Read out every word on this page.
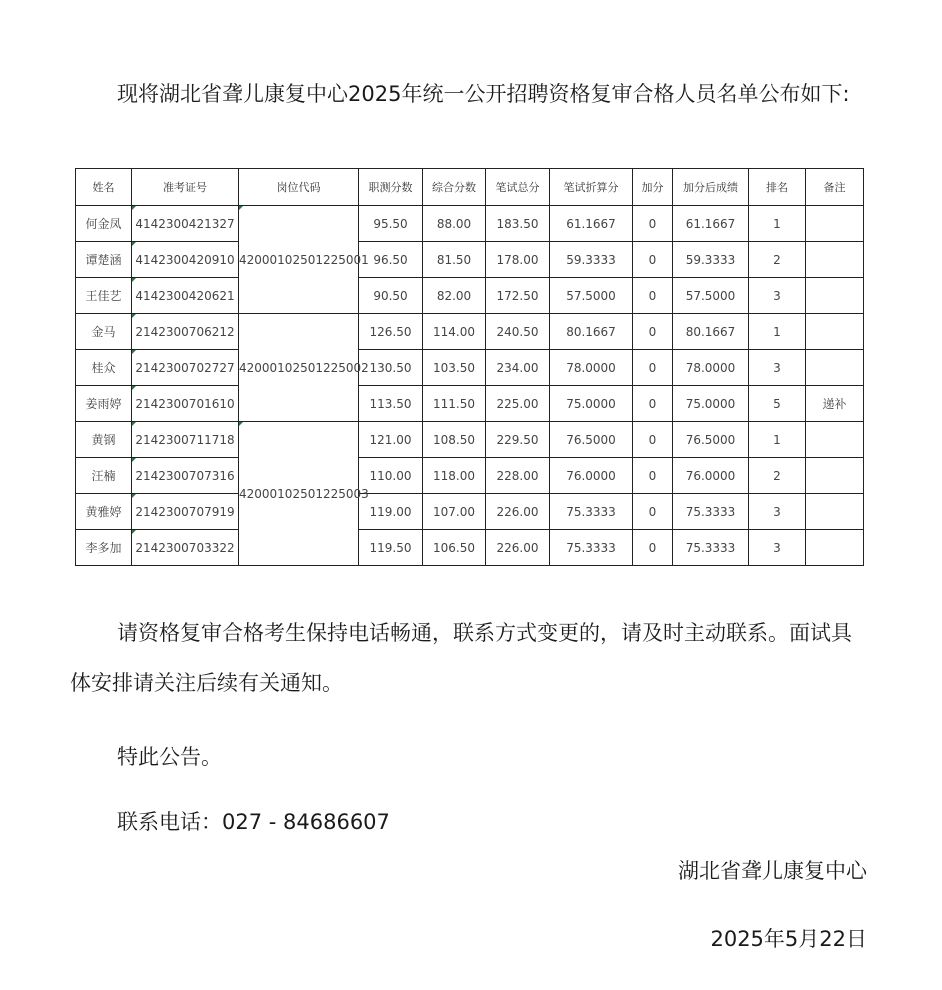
现将湖北省聋儿康复中心2025年统一公开招聘资格复审合格人员名单公布如下:

姓名	准考证号	岗位代码	职测分数	综合分数	笔试总分	笔试折算分	加分	加分后成绩	排名	备注
何金凤	4142300421327	42000102501225001	95.50	88.00	183.50	61.1667	0	61.1667	1	
谭楚涵	4142300420910		96.50	81.50	178.00	59.3333	0	59.3333	2	
王佳艺	4142300420621		90.50	82.00	172.50	57.5000	0	57.5000	3	
金马	2142300706212	42000102501225002	126.50	114.00	240.50	80.1667	0	80.1667	1	
桂众	2142300702727		130.50	103.50	234.00	78.0000	0	78.0000	3	
姜雨婷	2142300701610		113.50	111.50	225.00	75.0000	0	75.0000	5	递补
黄钢	2142300711718	42000102501225003	121.00	108.50	229.50	76.5000	0	76.5000	1	
汪楠	2142300707316		110.00	118.00	228.00	76.0000	0	76.0000	2	
黄雅婷	2142300707919		119.00	107.00	226.00	75.3333	0	75.3333	3	
李多加	2142300703322		119.50	106.50	226.00	75.3333	0	75.3333	3	

请资格复审合格考生保持电话畅通，联系方式变更的，请及时主动联系。面试具体安排请关注后续有关通知。

特此公告。

联系电话：027 - 84686607

湖北省聋儿康复中心
2025年5月22日
